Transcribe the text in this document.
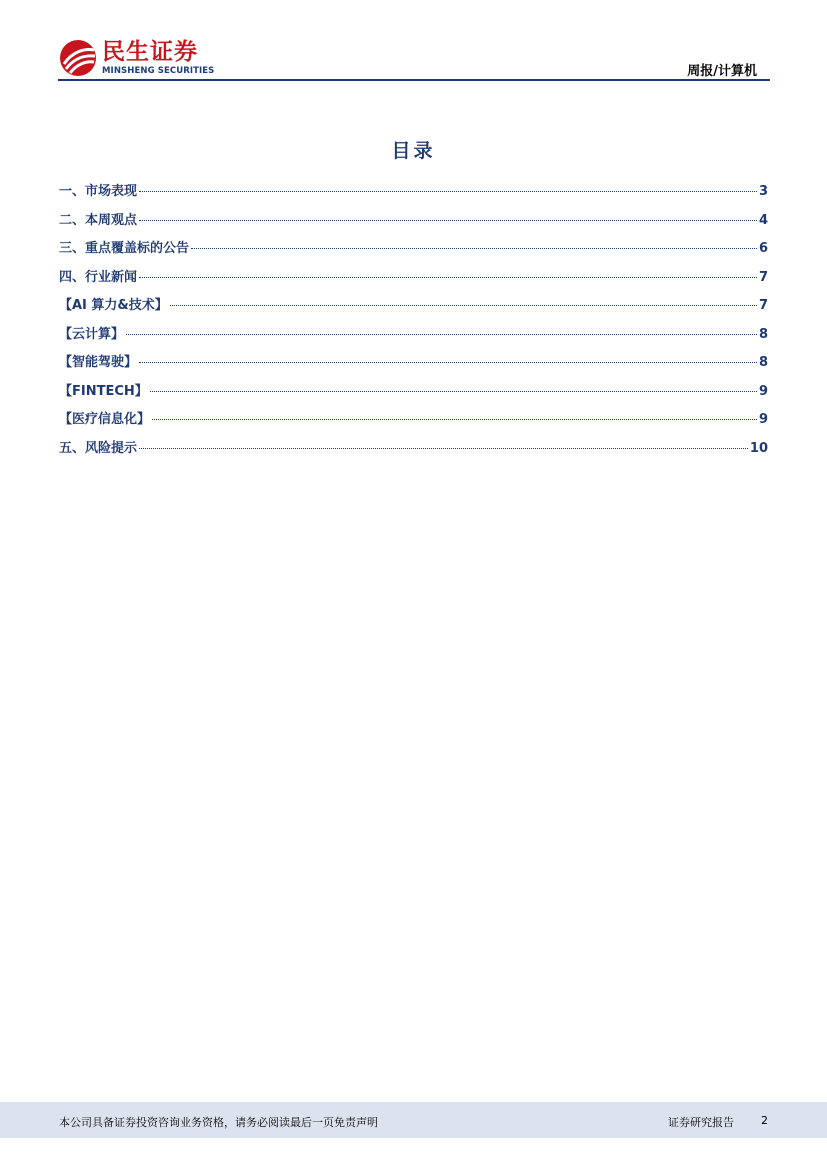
民生证券
MINSHENG SECURITIES	周报/计算机
目录
一、市场表现	3
二、本周观点	4
三、重点覆盖标的公告	6
四、行业新闻	7
【AI 算力&技术】	7
【云计算】	8
【智能驾驶】	8
【FINTECH】	9
【医疗信息化】	9
五、风险提示	10
本公司具备证券投资咨询业务资格，请务必阅读最后一页免责声明	证券研究报告 2
